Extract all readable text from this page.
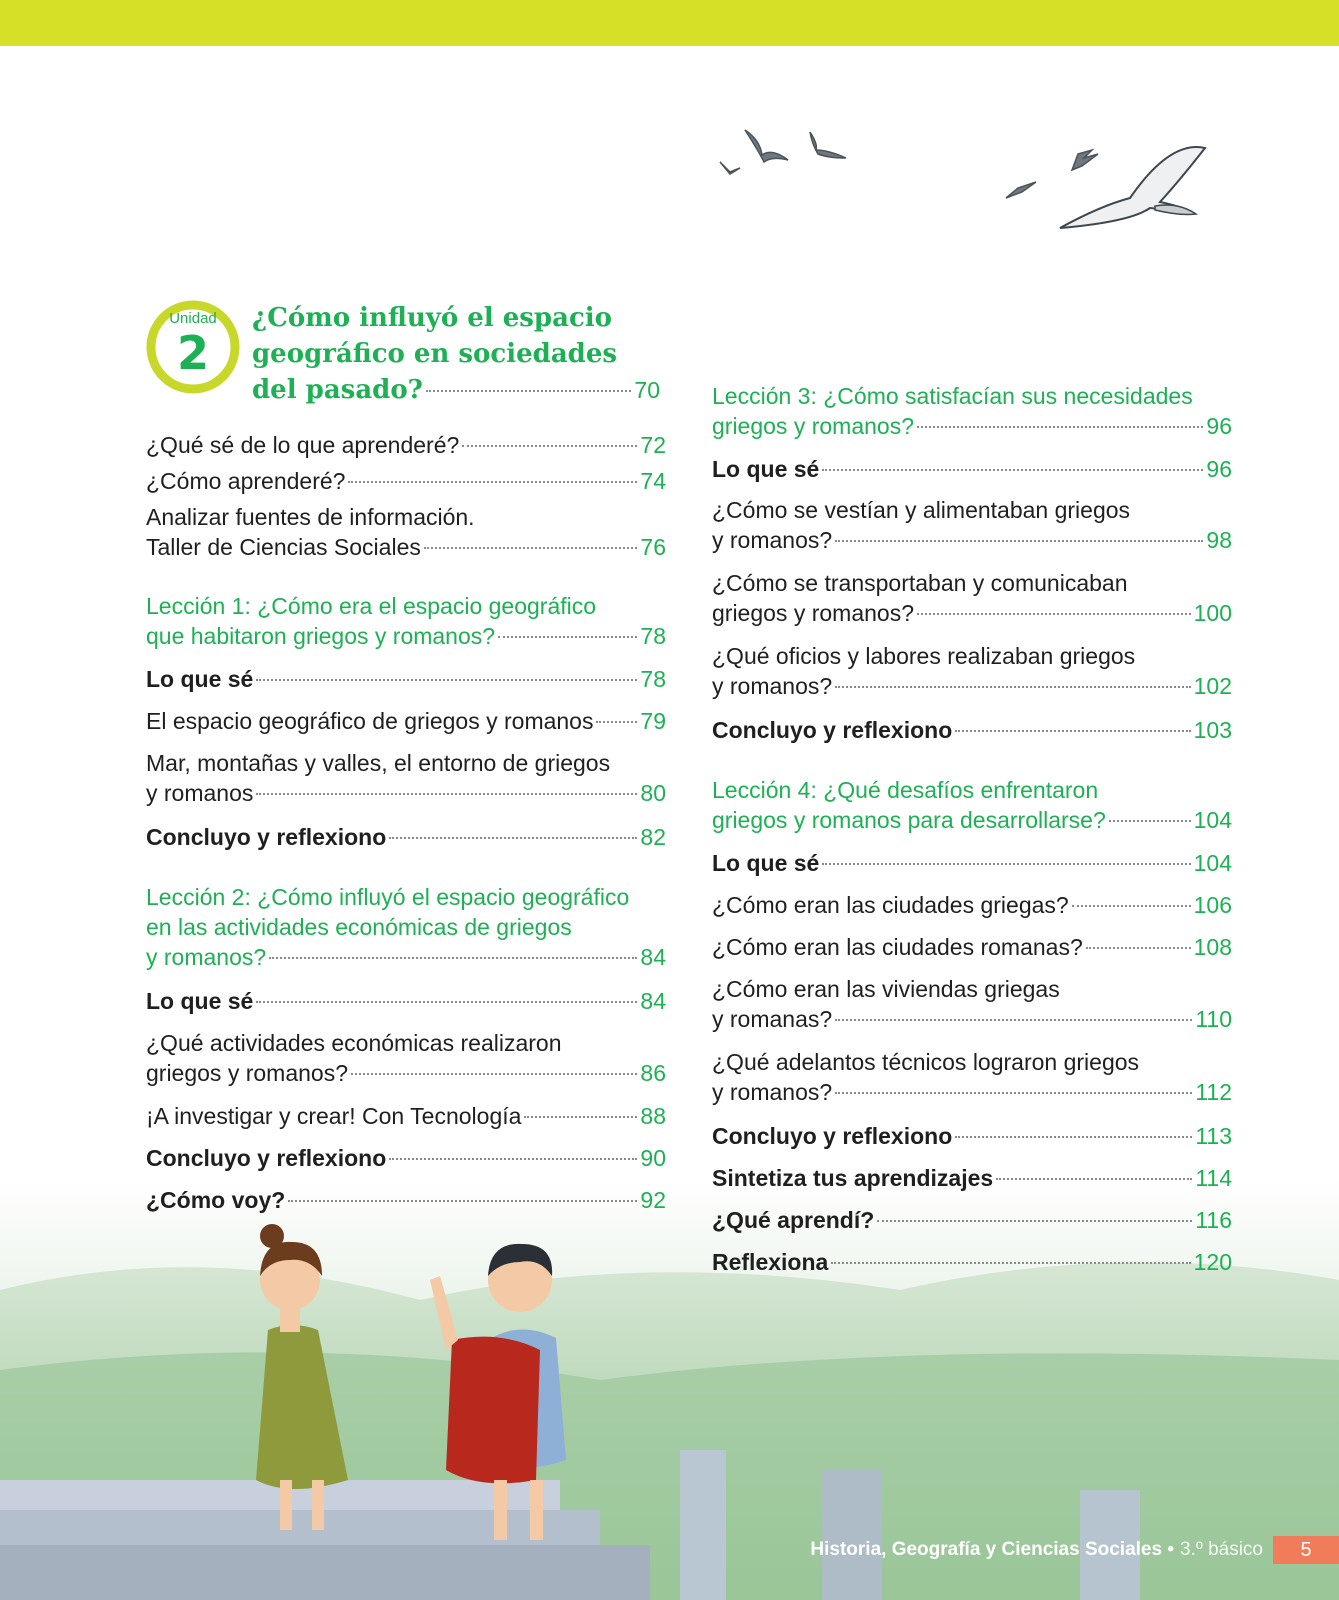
Unidad
2
¿Cómo influyó el espacio
geográfico en sociedades
del pasado?	70
¿Qué sé de lo que aprenderé?	72
¿Cómo aprenderé?	74
Analizar fuentes de información.
Taller de Ciencias Sociales	76
Lección 1: ¿Cómo era el espacio geográfico
que habitaron griegos y romanos?	78
Lo que sé	78
El espacio geográfico de griegos y romanos 79
Mar, montañas y valles, el entorno de griegos
y romanos	80
Concluyo y reflexiono	82
Lección 2: ¿Cómo influyó el espacio geográfico
en las actividades económicas de griegos
y romanos?	84
Lo que sé	84
¿Qué actividades económicas realizaron
griegos y romanos?	86
¡A investigar y crear! Con Tecnología	88
Concluyo y reflexiono	90
¿Cómo voy?	92
Lección 3: ¿Cómo satisfacían sus necesidades
griegos y romanos?	96
Lo que sé	96
¿Cómo se vestían y alimentaban griegos
y romanos?	98
¿Cómo se transportaban y comunicaban
griegos y romanos?	100
¿Qué oficios y labores realizaban griegos
y romanos?	102
Concluyo y reflexiono	103
Lección 4: ¿Qué desafíos enfrentaron
griegos y romanos para desarrollarse?	104
Lo que sé	104
¿Cómo eran las ciudades griegas?	106
¿Cómo eran las ciudades romanas?	108
¿Cómo eran las viviendas griegas
y romanas?	110
¿Qué adelantos técnicos lograron griegos
y romanos?	112
Concluyo y reflexiono	113
Sintetiza tus aprendizajes	114
¿Qué aprendí?	116
Reflexiona	120
Historia, Geografía y Ciencias Sociales • 3.º básico	5
